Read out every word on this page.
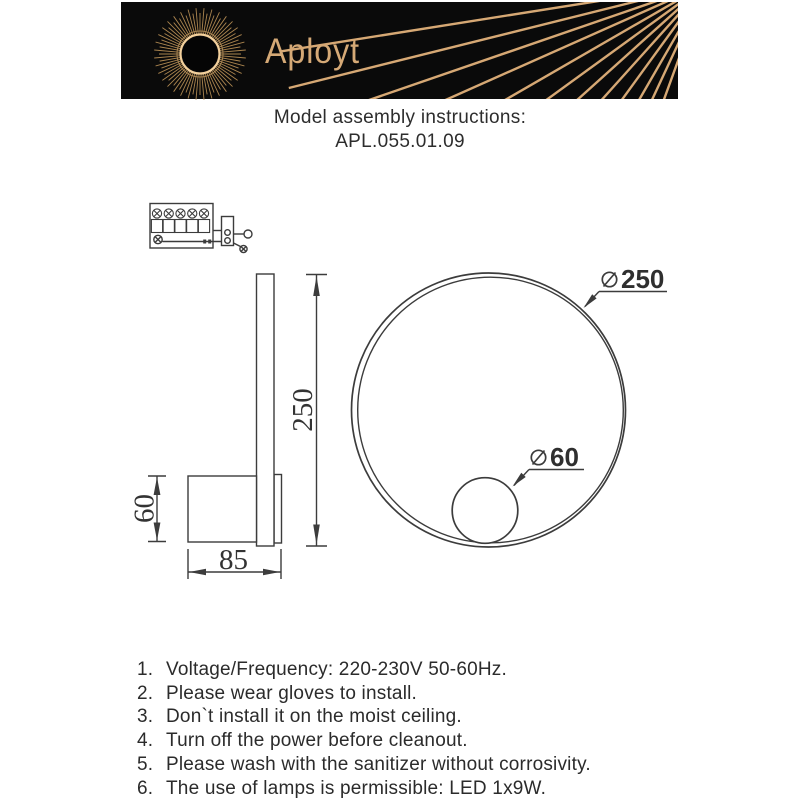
Aployt
Model assembly instructions:
APL.055.01.09
60
250
85
250
60
1. Voltage/Frequency: 220-230V 50-60Hz.
2. Please wear gloves to install.
3. Don`t install it on the moist ceiling.
4. Turn off the power before cleanout.
5. Please wash with the sanitizer without corrosivity.
6. The use of lamps is permissible: LED 1x9W.
